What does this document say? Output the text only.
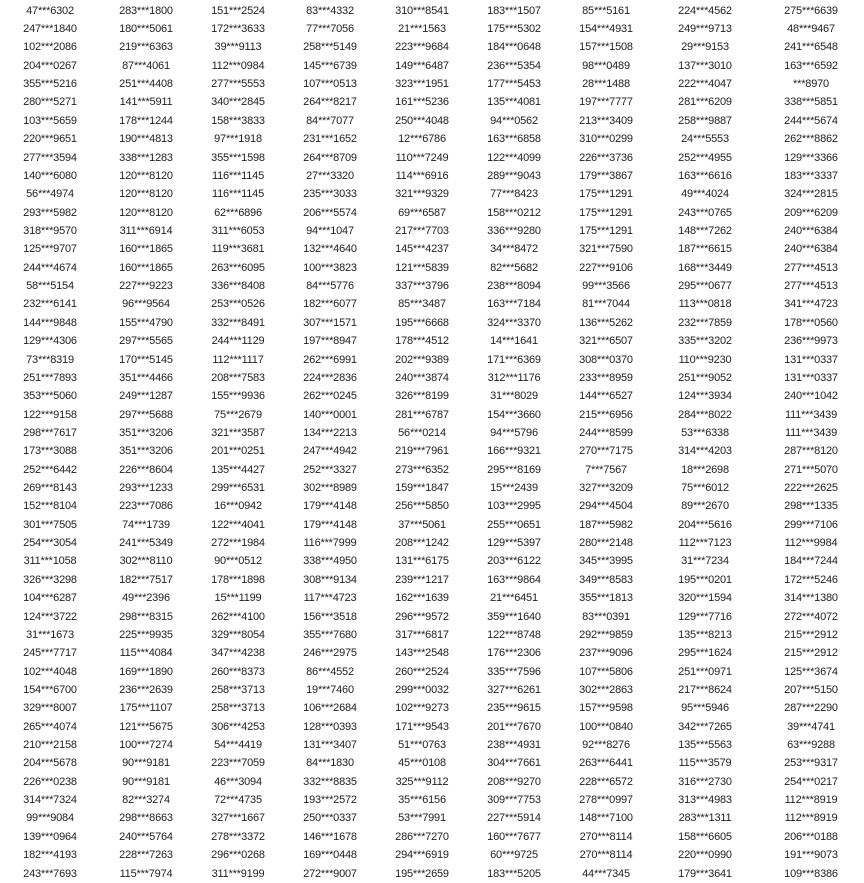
47***6302	283***1800	151***2524	83***4332	310***8541	183***1507	85***5161	224***4562	275***6639
247***1840	180***5061	172***3633	77***7056	21***1563	175***5302	154***4931	249***9713	48***9467
102***2086	219***6363	39***9113	258***5149	223***9684	184***0648	157***1508	29***9153	241***6548
204***0267	87***4061	112***0984	145***6739	149***6487	236***5354	98***0489	137***3010	163***6592
355***5216	251***4408	277***5553	107***0513	323***1951	177***5453	28***1488	222***4047	***8970
280***5271	141***5911	340***2845	264***8217	161***5236	135***4081	197***7777	281***6209	338***5851
103***5659	178***1244	158***3833	84***7077	250***4048	94***0562	213***3409	258***9887	244***5674
220***9651	190***4813	97***1918	231***1652	12***6786	163***6858	310***0299	24***5553	262***8862
277***3594	338***1283	355***1598	264***8709	110***7249	122***4099	226***3736	252***4955	129***3366
140***6080	120***8120	116***1145	27***3320	114***6916	289***9043	179***3867	163***6616	183***3337
56***4974	120***8120	116***1145	235***3033	321***9329	77***8423	175***1291	49***4024	324***2815
293***5982	120***8120	62***6896	206***5574	69***6587	158***0212	175***1291	243***0765	209***6209
318***9570	311***6914	311***6053	94***1047	217***7703	336***9280	175***1291	148***7262	240***6384
125***9707	160***1865	119***3681	132***4640	145***4237	34***8472	321***7590	187***6615	240***6384
244***4674	160***1865	263***6095	100***3823	121***5839	82***5682	227***9106	168***3449	277***4513
58***5154	227***9223	336***8408	84***5776	337***3796	238***8094	99***3566	295***0677	277***4513
232***6141	96***9564	253***0526	182***6077	85***3487	163***7184	81***7044	113***0818	341***4723
144***9848	155***4790	332***8491	307***1571	195***6668	324***3370	136***5262	232***7859	178***0560
129***4306	297***5565	244***1129	197***8947	178***4512	14***1641	321***6507	335***3202	236***9973
73***8319	170***5145	112***1117	262***6991	202***9389	171***6369	308***0370	110***9230	131***0337
251***7893	351***4466	208***7583	224***2836	240***3874	312***1176	233***8959	251***9052	131***0337
353***5060	249***1287	155***9936	262***0245	326***8199	31***8029	144***6527	124***3934	240***1042
122***9158	297***5688	75***2679	140***0001	281***6787	154***3660	215***6956	284***8022	111***3439
298***7617	351***3206	321***3587	134***2213	56***0214	94***5796	244***8599	53***6338	111***3439
173***3088	351***3206	201***0251	247***4942	219***7961	166***9321	270***7175	314***4203	287***8120
252***6442	226***8604	135***4427	252***3327	273***6352	295***8169	7***7567	18***2698	271***5070
269***8143	293***1233	299***6531	302***8989	159***1847	15***2439	327***3209	75***6012	222***2625
152***8104	223***7086	16***0942	179***4148	256***5850	103***2995	294***4504	89***2670	298***1335
301***7505	74***1739	122***4041	179***4148	37***5061	255***0651	187***5982	204***5616	299***7106
254***3054	241***5349	272***1984	116***7999	208***1242	129***5397	280***2148	112***7123	112***9984
311***1058	302***8110	90***0512	338***4950	131***6175	203***6122	345***3995	31***7234	184***7244
326***3298	182***7517	178***1898	308***9134	239***1217	163***9864	349***8583	195***0201	172***5246
104***6287	49***2396	15***1199	117***4723	162***1639	21***6451	355***1813	320***1594	314***1380
124***3722	298***8315	262***4100	156***3518	296***9572	359***1640	83***0391	129***7716	272***4072
31***1673	225***9935	329***8054	355***7680	317***6817	122***8748	292***9859	135***8213	215***2912
245***7717	115***4084	347***4238	246***2975	143***2548	176***2306	237***9096	295***1624	215***2912
102***4048	169***1890	260***8373	86***4552	260***2524	335***7596	107***5806	251***0971	125***3674
154***6700	236***2639	258***3713	19***7460	299***0032	327***6261	302***2863	217***8624	207***5150
329***8007	175***1107	258***3713	106***2684	102***9273	235***9615	157***9598	95***5946	287***2290
265***4074	121***5675	306***4253	128***0393	171***9543	201***7670	100***0840	342***7265	39***4741
210***2158	100***7274	54***4419	131***3407	51***0763	238***4931	92***8276	135***5563	63***9288
204***5678	90***9181	223***7059	84***1830	45***0108	304***7661	263***6441	115***3579	253***9317
226***0238	90***9181	46***3094	332***8835	325***9112	208***9270	228***6572	316***2730	254***0217
314***7324	82***3274	72***4735	193***2572	35***6156	309***7753	278***0997	313***4983	112***8919
99***9084	298***8663	327***1667	250***0337	53***7991	227***5914	148***7100	283***1311	112***8919
139***0964	240***5764	278***3372	146***1678	286***7270	160***7677	270***8114	158***6605	206***0188
182***4193	228***7263	296***0268	169***0448	294***6919	60***9725	270***8114	220***0990	191***9073
243***7693	115***7974	311***9199	272***9007	195***2659	183***5205	44***7345	179***3641	109***8386
